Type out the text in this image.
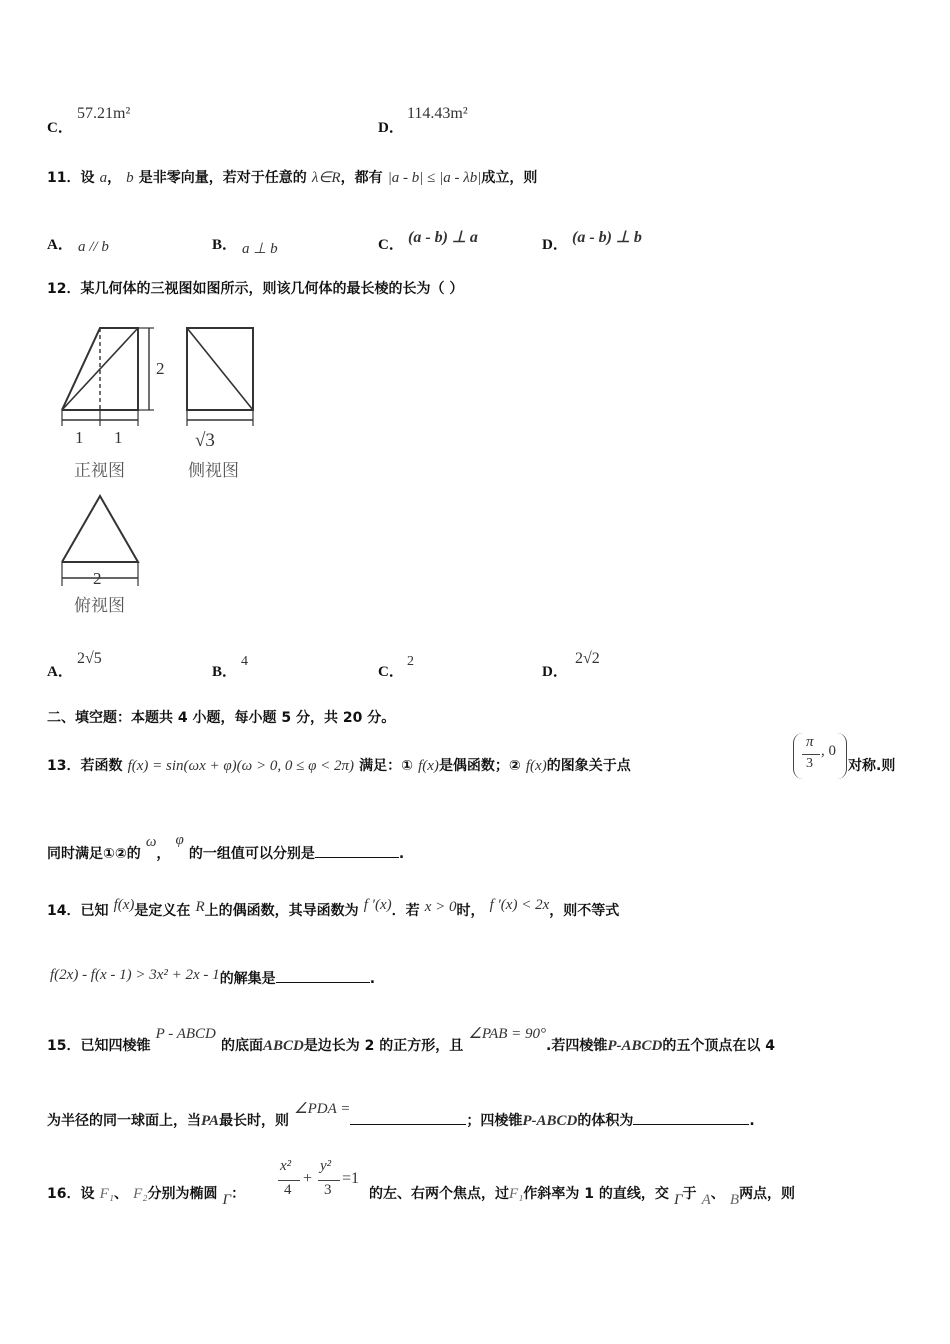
C．
57.21m²
D．
114.43m²
11．设 a， b 是非零向量，若对于任意的 λ∈R，都有 |a - b| ≤ |a - λb|成立，则
A． a // b	B． a ⊥ b	C． (a - b) ⊥ a	D． (a - b) ⊥ b
12．某几何体的三视图如图所示，则该几何体的最长棱的长为（ ）
2
1 1	√3
2
正视图	侧视图
俯视图
A．
2√5
B．
4
C．
2
D．
2√2
二、填空题：本题共 4 小题，每小题 5 分，共 20 分。
13．若函数 f(x) = sin(ωx + φ)(ω > 0, 0 ≤ φ < 2π) 满足：① f(x)是偶函数；② f(x)的图象关于点
π
3
, 0
对称.则
同时满足①②的 ω， φ 的一组值可以分别是	.
14．已知 f(x)是定义在 R上的偶函数，其导函数为 f ′(x)．若 x > 0时， f ′(x) < 2x，则不等式
f(2x) - f(x - 1) > 3x² + 2x - 1的解集是	.
15．已知四棱锥 P - ABCD 的底面ABCD是边长为 2 的正方形，且 ∠PAB = 90°.若四棱锥P-ABCD的五个顶点在以 4
为半径的同一球面上，当PA最长时，则 ∠PDA =；四棱锥P-ABCD的体积为	.
16．设 F₁、 F₂分别为椭圆 Γ：
x²
4
+
y²
3
=1
的左、右两个焦点，过F₁作斜率为 1 的直线，交 Γ于 A、 B两点，则
